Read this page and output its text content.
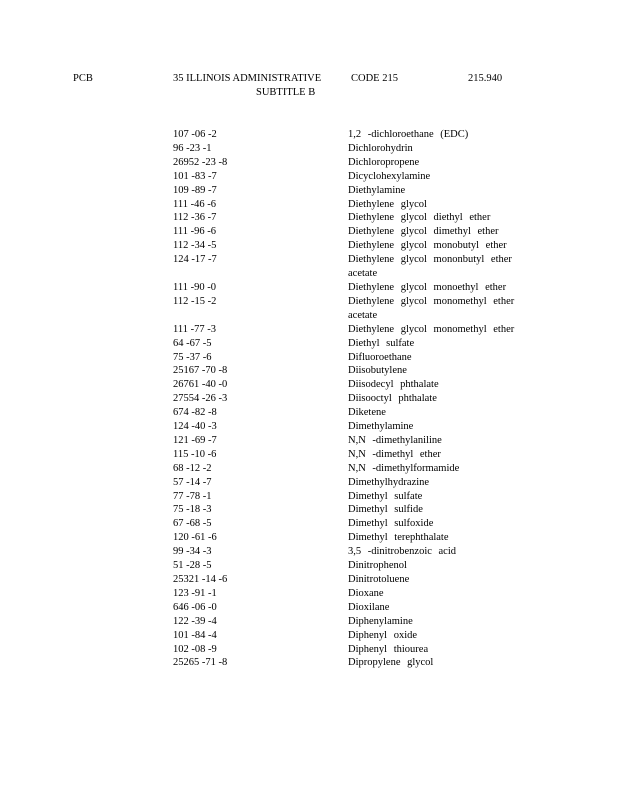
PCB	35 ILLINOIS ADMINISTRATIVE	CODE 215	215.940
SUBTITLE B
107 -06 -2	1,2 -dichloroethane (EDC)
96 -23 -1	Dichlorohydrin
26952 -23 -8	Dichloropropene
101 -83 -7	Dicyclohexylamine
109 -89 -7	Diethylamine
111 -46 -6	Diethylene glycol
112 -36 -7	Diethylene glycol diethyl ether
111 -96 -6	Diethylene glycol dimethyl ether
112 -34 -5	Diethylene glycol monobutyl ether
124 -17 -7	Diethylene glycol mononbutyl ether acetate
111 -90 -0	Diethylene glycol monoethyl ether
112 -15 -2	Diethylene glycol monomethyl ether acetate
111 -77 -3	Diethylene glycol monomethyl ether
64 -67 -5	Diethyl sulfate
75 -37 -6	Difluoroethane
25167 -70 -8	Diisobutylene
26761 -40 -0	Diisodecyl phthalate
27554 -26 -3	Diisooctyl phthalate
674 -82 -8	Diketene
124 -40 -3	Dimethylamine
121 -69 -7	N,N -dimethylaniline
115 -10 -6	N,N -dimethyl ether
68 -12 -2	N,N -dimethylformamide
57 -14 -7	Dimethylhydrazine
77 -78 -1	Dimethyl sulfate
75 -18 -3	Dimethyl sulfide
67 -68 -5	Dimethyl sulfoxide
120 -61 -6	Dimethyl terephthalate
99 -34 -3	3,5 -dinitrobenzoic acid
51 -28 -5	Dinitrophenol
25321 -14 -6	Dinitrotoluene
123 -91 -1	Dioxane
646 -06 -0	Dioxilane
122 -39 -4	Diphenylamine
101 -84 -4	Diphenyl oxide
102 -08 -9	Diphenyl thiourea
25265 -71 -8	Dipropylene glycol
